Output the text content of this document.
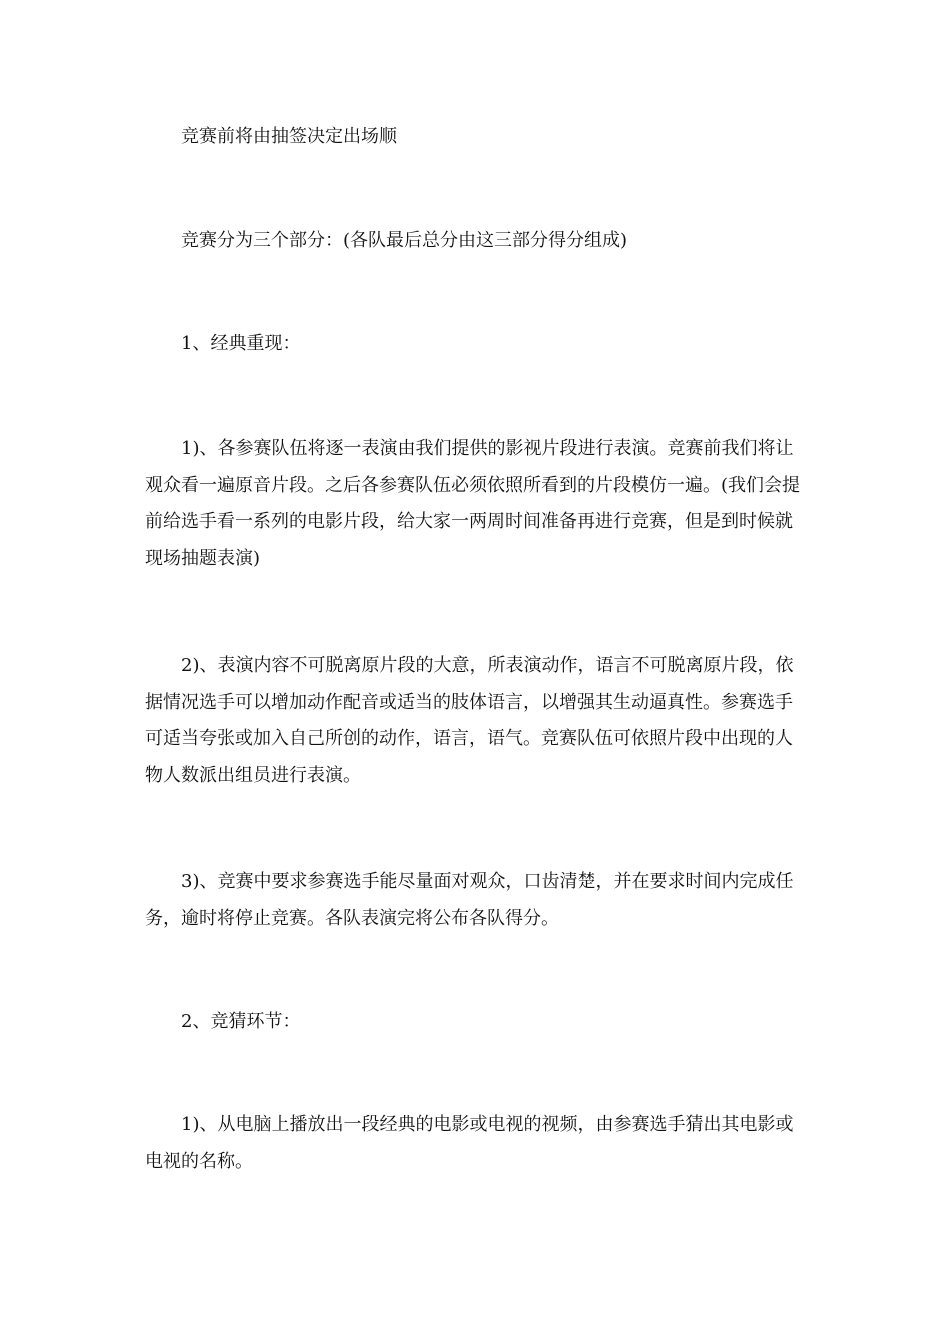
竞赛前将由抽签决定出场顺

竞赛分为三个部分：(各队最后总分由这三部分得分组成)

1、经典重现：

1)、各参赛队伍将逐一表演由我们提供的影视片段进行表演。竞赛前我们将让观众看一遍原音片段。之后各参赛队伍必须依照所看到的片段模仿一遍。(我们会提前给选手看一系列的电影片段，给大家一两周时间准备再进行竞赛，但是到时候就现场抽题表演)

2)、表演内容不可脱离原片段的大意，所表演动作，语言不可脱离原片段，依据情况选手可以增加动作配音或适当的肢体语言，以增强其生动逼真性。参赛选手可适当夸张或加入自己所创的动作，语言，语气。竞赛队伍可依照片段中出现的人物人数派出组员进行表演。

3)、竞赛中要求参赛选手能尽量面对观众，口齿清楚，并在要求时间内完成任务，逾时将停止竞赛。各队表演完将公布各队得分。

2、竞猜环节：

1)、从电脑上播放出一段经典的电影或电视的视频，由参赛选手猜出其电影或电视的名称。
